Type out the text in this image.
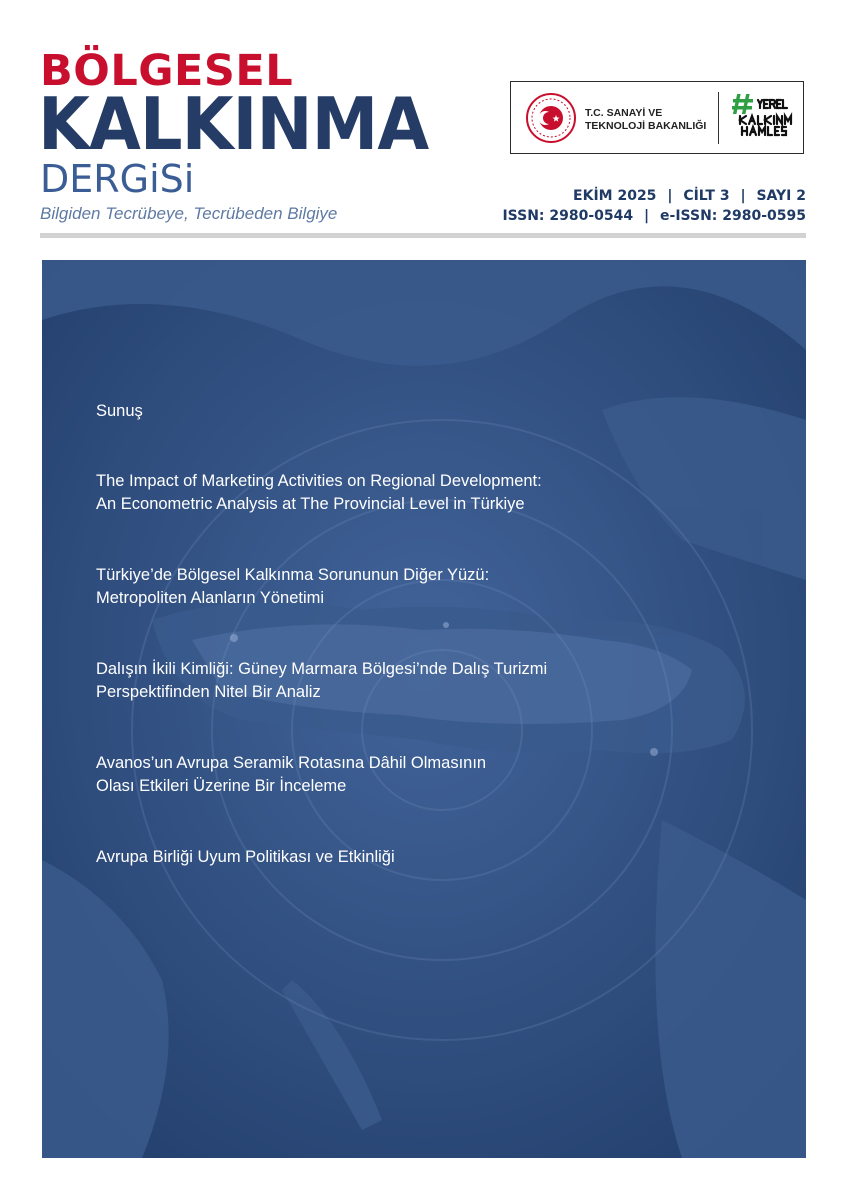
BÖLGESEL
KALKINMA
DERGiSi
Bilgiden Tecrübeye, Tecrübeden Bilgiye
T.C. SANAYİ VE
TEKNOLOJİ BAKANLIĞI
EKİM 2025 | CİLT 3 | SAYI 2
ISSN: 2980-0544 | e-ISSN: 2980-0595

Sunuş

The Impact of Marketing Activities on Regional Development:
An Econometric Analysis at The Provincial Level in Türkiye
Türkiye’de Bölgesel Kalkınma Sorununun Diğer Yüzü:
Metropoliten Alanların Yönetimi
Dalışın İkili Kimliği: Güney Marmara Bölgesi’nde Dalış Turizmi
Perspektifinden Nitel Bir Analiz
Avanos’un Avrupa Seramik Rotasına Dâhil Olmasının
Olası Etkileri Üzerine Bir İnceleme

Avrupa Birliği Uyum Politikası ve Etkinliği
